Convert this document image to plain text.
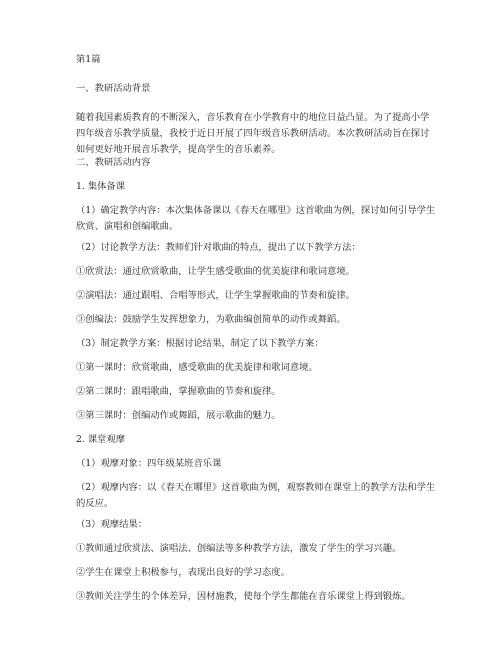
第1篇
一、教研活动背景
随着我国素质教育的不断深入，音乐教育在小学教育中的地位日益凸显。为了提高小学四年级音乐教学质量，我校于近日开展了四年级音乐教研活动。本次教研活动旨在探讨如何更好地开展音乐教学，提高学生的音乐素养。
二、教研活动内容
1. 集体备课
（1）确定教学内容：本次集体备课以《春天在哪里》这首歌曲为例，探讨如何引导学生欣赏、演唱和创编歌曲。
（2）讨论教学方法：教师们针对歌曲的特点，提出了以下教学方法：
①欣赏法：通过欣赏歌曲，让学生感受歌曲的优美旋律和歌词意境。
②演唱法：通过跟唱、合唱等形式，让学生掌握歌曲的节奏和旋律。
③创编法：鼓励学生发挥想象力，为歌曲编创简单的动作或舞蹈。
（3）制定教学方案：根据讨论结果，制定了以下教学方案：
①第一课时：欣赏歌曲，感受歌曲的优美旋律和歌词意境。
②第二课时：跟唱歌曲，掌握歌曲的节奏和旋律。
③第三课时：创编动作或舞蹈，展示歌曲的魅力。
2. 课堂观摩
（1）观摩对象：四年级某班音乐课
（2）观摩内容：以《春天在哪里》这首歌曲为例，观察教师在课堂上的教学方法和学生的反应。
（3）观摩结果：
①教师通过欣赏法、演唱法、创编法等多种教学方法，激发了学生的学习兴趣。
②学生在课堂上积极参与，表现出良好的学习态度。
③教师关注学生的个体差异，因材施教，使每个学生都能在音乐课堂上得到锻炼。
